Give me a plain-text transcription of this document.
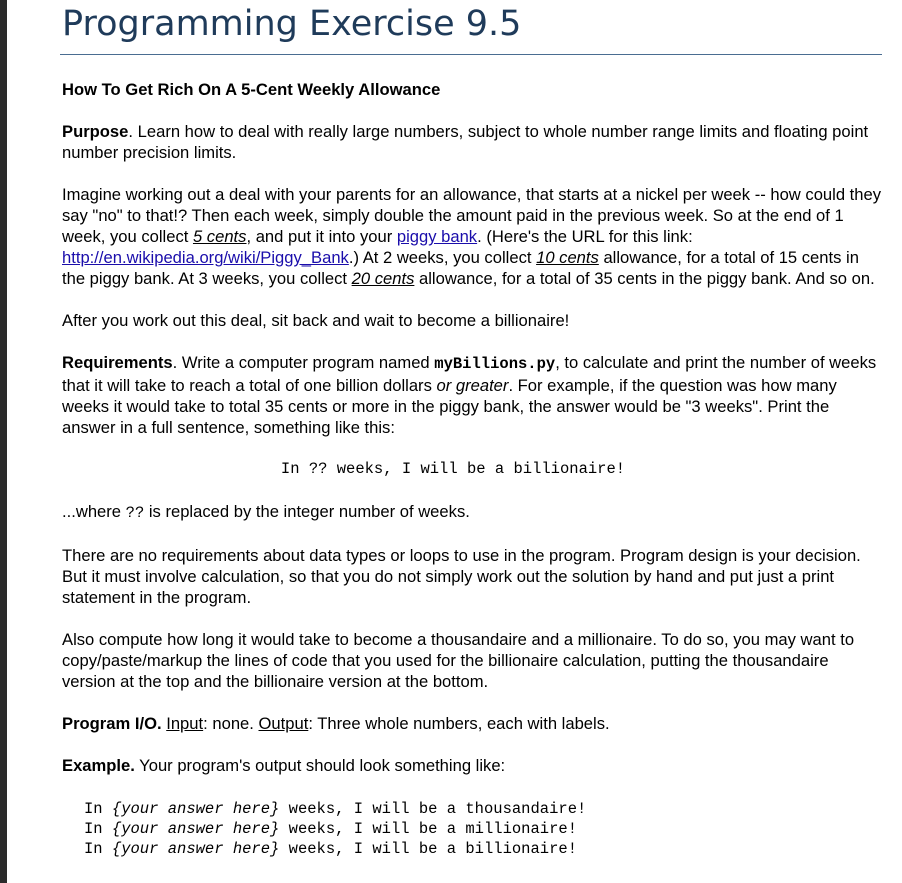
Programming Exercise 9.5

How To Get Rich On A 5-Cent Weekly Allowance

Purpose. Learn how to deal with really large numbers, subject to whole number range limits and floating point number precision limits.

Imagine working out a deal with your parents for an allowance, that starts at a nickel per week -- how could they say "no" to that!? Then each week, simply double the amount paid in the previous week. So at the end of 1 week, you collect 5 cents, and put it into your piggy bank. (Here's the URL for this link: http://en.wikipedia.org/wiki/Piggy_Bank.) At 2 weeks, you collect 10 cents allowance, for a total of 15 cents in the piggy bank. At 3 weeks, you collect 20 cents allowance, for a total of 35 cents in the piggy bank. And so on.

After you work out this deal, sit back and wait to become a billionaire!

Requirements. Write a computer program named myBillions.py, to calculate and print the number of weeks that it will take to reach a total of one billion dollars or greater. For example, if the question was how many weeks it would take to total 35 cents or more in the piggy bank, the answer would be "3 weeks". Print the answer in a full sentence, something like this:

In ?? weeks, I will be a billionaire!

...where ?? is replaced by the integer number of weeks.

There are no requirements about data types or loops to use in the program. Program design is your decision. But it must involve calculation, so that you do not simply work out the solution by hand and put just a print statement in the program.

Also compute how long it would take to become a thousandaire and a millionaire. To do so, you may want to copy/paste/markup the lines of code that you used for the billionaire calculation, putting the thousandaire version at the top and the billionaire version at the bottom.

Program I/O. Input: none. Output: Three whole numbers, each with labels.

Example. Your program's output should look something like:

In {your answer here} weeks, I will be a thousandaire!
In {your answer here} weeks, I will be a millionaire!
In {your answer here} weeks, I will be a billionaire!
